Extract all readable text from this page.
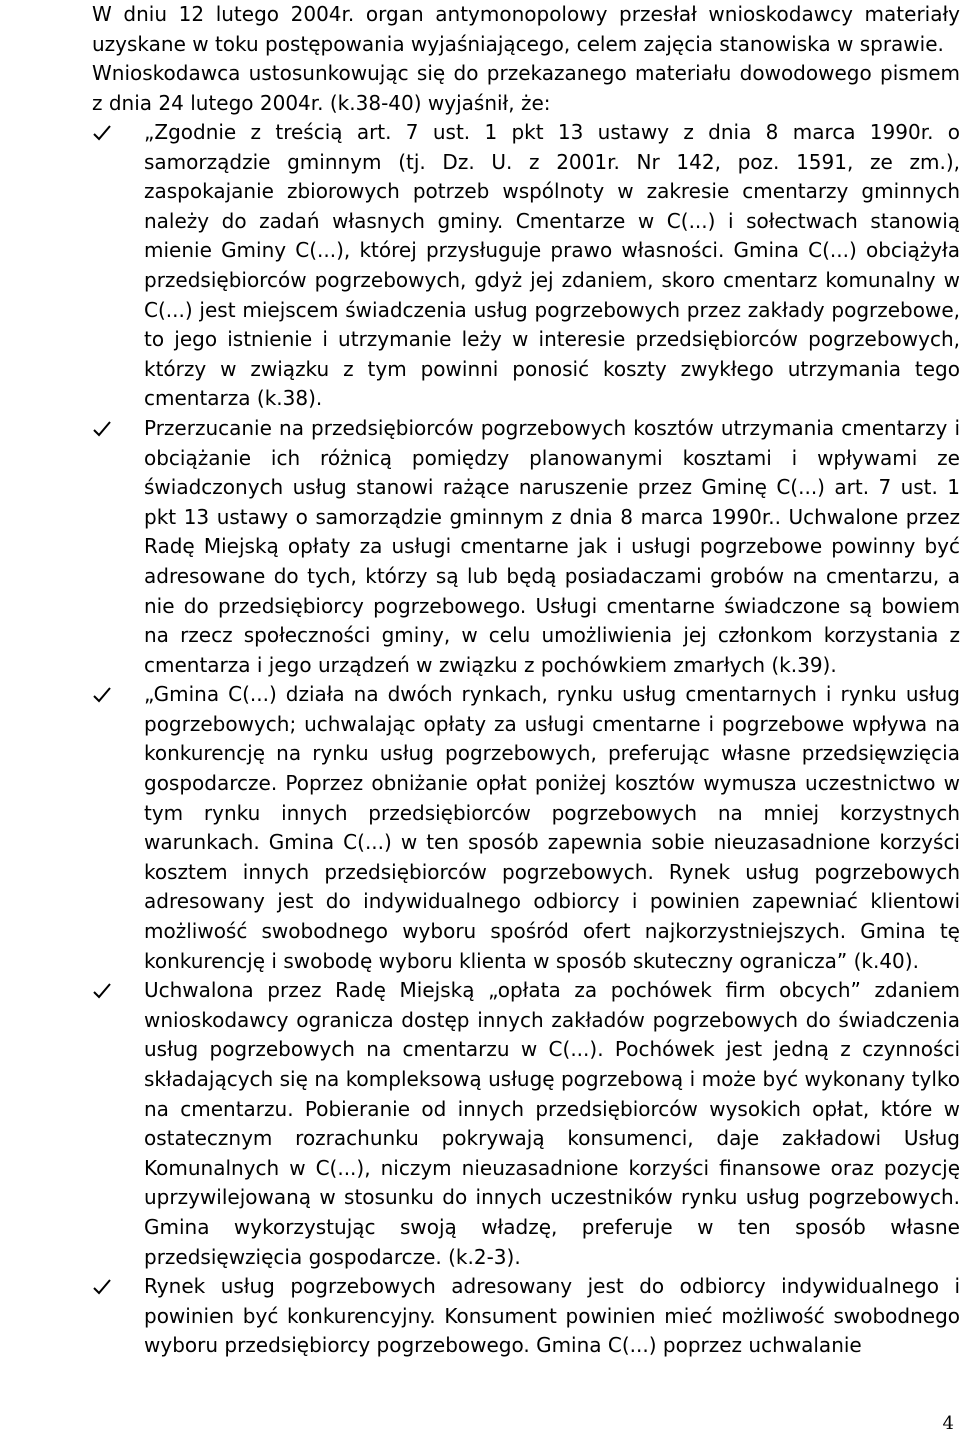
W dniu 12 lutego 2004r. organ antymonopolowy przesłał wnioskodawcy materiały uzyskane w toku postępowania wyjaśniającego, celem zajęcia stanowiska w sprawie.

Wnioskodawca ustosunkowując się do przekazanego materiału dowodowego pismem z dnia 24 lutego 2004r. (k.38-40) wyjaśnił, że:

„Zgodnie z treścią art. 7 ust. 1 pkt 13 ustawy z dnia 8 marca 1990r. o samorządzie gminnym (tj. Dz. U. z 2001r. Nr 142, poz. 1591, ze zm.), zaspokajanie zbiorowych potrzeb wspólnoty w zakresie cmentarzy gminnych należy do zadań własnych gminy. Cmentarze w C(...) i sołectwach stanowią mienie Gminy C(...), której przysługuje prawo własności. Gmina C(...) obciążyła przedsiębiorców pogrzebowych, gdyż jej zdaniem, skoro cmentarz komunalny w C(...) jest miejscem świadczenia usług pogrzebowych przez zakłady pogrzebowe, to jego istnienie i utrzymanie leży w interesie przedsiębiorców pogrzebowych, którzy w związku z tym powinni ponosić koszty zwykłego utrzymania tego cmentarza (k.38).
Przerzucanie na przedsiębiorców pogrzebowych kosztów utrzymania cmentarzy i obciążanie ich różnicą pomiędzy planowanymi kosztami i wpływami ze świadczonych usług stanowi rażące naruszenie przez Gminę C(...) art. 7 ust. 1 pkt 13 ustawy o samorządzie gminnym z dnia 8 marca 1990r.. Uchwalone przez Radę Miejską opłaty za usługi cmentarne jak i usługi pogrzebowe powinny być adresowane do tych, którzy są lub będą posiadaczami grobów na cmentarzu, a nie do przedsiębiorcy pogrzebowego. Usługi cmentarne świadczone są bowiem na rzecz społeczności gminy, w celu umożliwienia jej członkom korzystania z cmentarza i jego urządzeń w związku z pochówkiem zmarłych (k.39).
„Gmina C(...) działa na dwóch rynkach, rynku usług cmentarnych i rynku usług pogrzebowych; uchwalając opłaty za usługi cmentarne i pogrzebowe wpływa na konkurencję na rynku usług pogrzebowych, preferując własne przedsięwzięcia gospodarcze. Poprzez obniżanie opłat poniżej kosztów wymusza uczestnictwo w tym rynku innych przedsiębiorców pogrzebowych na mniej korzystnych warunkach. Gmina C(...) w ten sposób zapewnia sobie nieuzasadnione korzyści kosztem innych przedsiębiorców pogrzebowych. Rynek usług pogrzebowych adresowany jest do indywidualnego odbiorcy i powinien zapewniać klientowi możliwość swobodnego wyboru spośród ofert najkorzystniejszych. Gmina tę konkurencję i swobodę wyboru klienta w sposób skuteczny ogranicza” (k.40).
Uchwalona przez Radę Miejską „opłata za pochówek firm obcych” zdaniem wnioskodawcy ogranicza dostęp innych zakładów pogrzebowych do świadczenia usług pogrzebowych na cmentarzu w C(...). Pochówek jest jedną z czynności składających się na kompleksową usługę pogrzebową i może być wykonany tylko na cmentarzu. Pobieranie od innych przedsiębiorców wysokich opłat, które w ostatecznym rozrachunku pokrywają konsumenci, daje zakładowi Usług Komunalnych w C(...), niczym nieuzasadnione korzyści finansowe oraz pozycję uprzywilejowaną w stosunku do innych uczestników rynku usług pogrzebowych. Gmina wykorzystując swoją władzę, preferuje w ten sposób własne przedsięwzięcia gospodarcze. (k.2-3).
Rynek usług pogrzebowych adresowany jest do odbiorcy indywidualnego i powinien być konkurencyjny. Konsument powinien mieć możliwość swobodnego wyboru przedsiębiorcy pogrzebowego. Gmina C(...) poprzez uchwalanie
4
